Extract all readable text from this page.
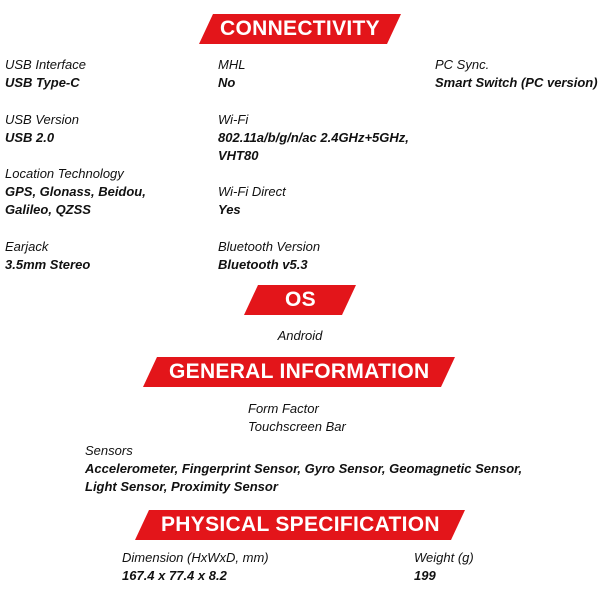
CONNECTIVITY
USB Interface
USB Type-C
USB Version
USB 2.0
Location Technology
GPS, Glonass, Beidou,
Galileo, QZSS
Earjack
3.5mm Stereo
MHL
No
Wi-Fi
802.11a/b/g/n/ac 2.4GHz+5GHz,
VHT80
Wi-Fi Direct
Yes
Bluetooth Version
Bluetooth v5.3
PC Sync.
Smart Switch (PC version)
OS
Android
GENERAL INFORMATION
Form Factor
Touchscreen Bar
Sensors
Accelerometer, Fingerprint Sensor, Gyro Sensor, Geomagnetic Sensor,
Light Sensor, Proximity Sensor
PHYSICAL SPECIFICATION
Dimension (HxWxD, mm)
167.4 x 77.4 x 8.2
Weight (g)
199
